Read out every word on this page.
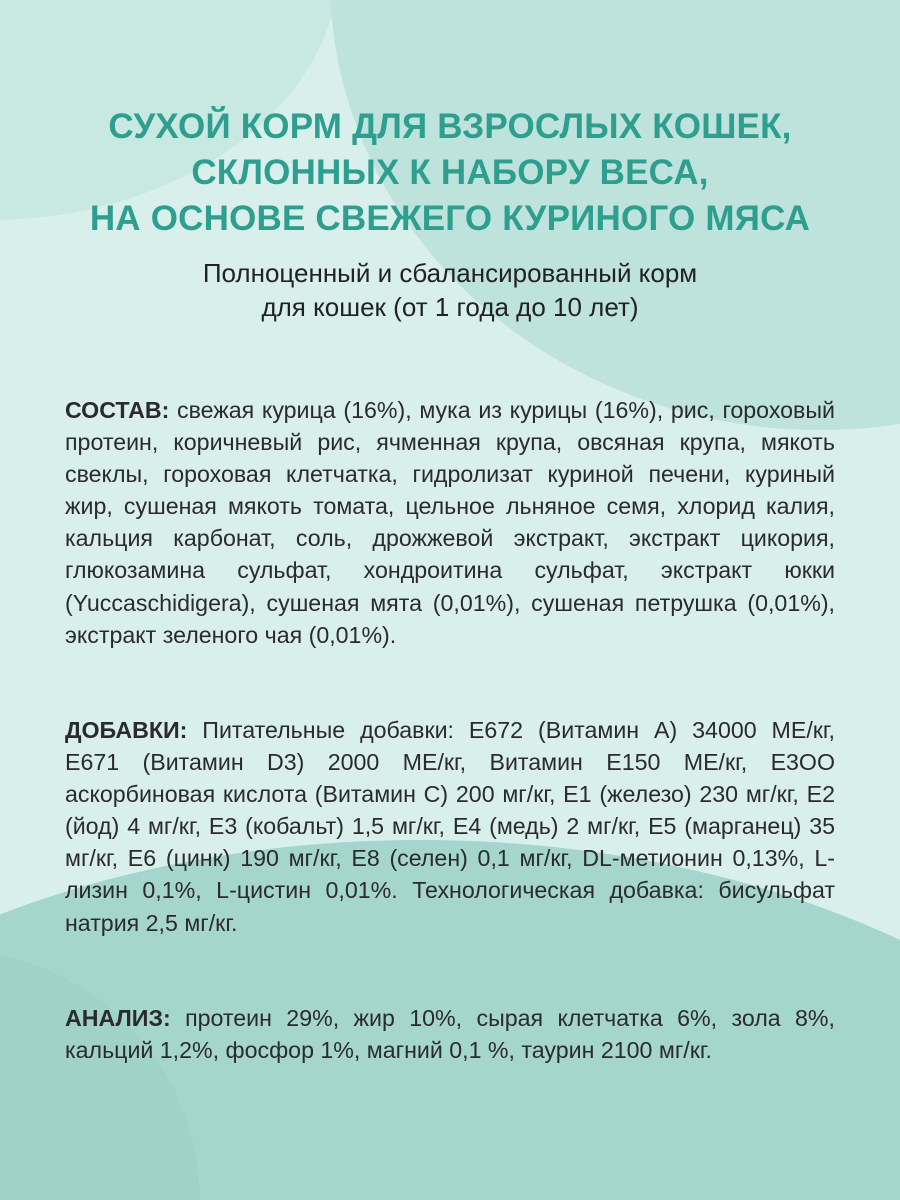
СУХОЙ КОРМ ДЛЯ ВЗРОСЛЫХ КОШЕК,
СКЛОННЫХ К НАБОРУ ВЕСА,
НА ОСНОВЕ СВЕЖЕГО КУРИНОГО МЯСА

Полноценный и сбалансированный корм
для кошек (от 1 года до 10 лет)

СОСТАВ: свежая курица (16%), мука из курицы (16%), рис, гороховый протеин, коричневый рис, ячменная крупа, овсяная крупа, мякоть свеклы, гороховая клетчатка, гидролизат куриной печени, куриный жир, сушеная мякоть томата, цельное льняное семя, хлорид калия, кальция карбонат, соль, дрожжевой экстракт, экстракт цикория, глюкозамина сульфат, хондроитина сульфат, экстракт юкки (Yuccaschidigera), сушеная мята (0,01%), сушеная петрушка (0,01%), экстракт зеленого чая (0,01%).

ДОБАВКИ: Питательные добавки: Е672 (Витамин А) 34000 МЕ/кг, Е671 (Витамин D3) 2000 МЕ/кг, Витамин Е150 МЕ/кг, Е3ОО аскорбиновая кислота (Витамин С) 200 мг/кг, Е1 (железо) 230 мг/кг, Е2 (йод) 4 мг/кг, Е3 (кобальт) 1,5 мг/кг, Е4 (медь) 2 мг/кг, Е5 (марганец) 35 мг/кг, Е6 (цинк) 190 мг/кг, Е8 (селен) 0,1 мг/кг, DL-метионин 0,13%, L-лизин 0,1%, L-цистин 0,01%. Технологическая добавка: бисульфат натрия 2,5 мг/кг.

АНАЛИЗ: протеин 29%, жир 10%, сырая клетчатка 6%, зола 8%, кальций 1,2%, фосфор 1%, магний 0,1 %, таурин 2100 мг/кг.
